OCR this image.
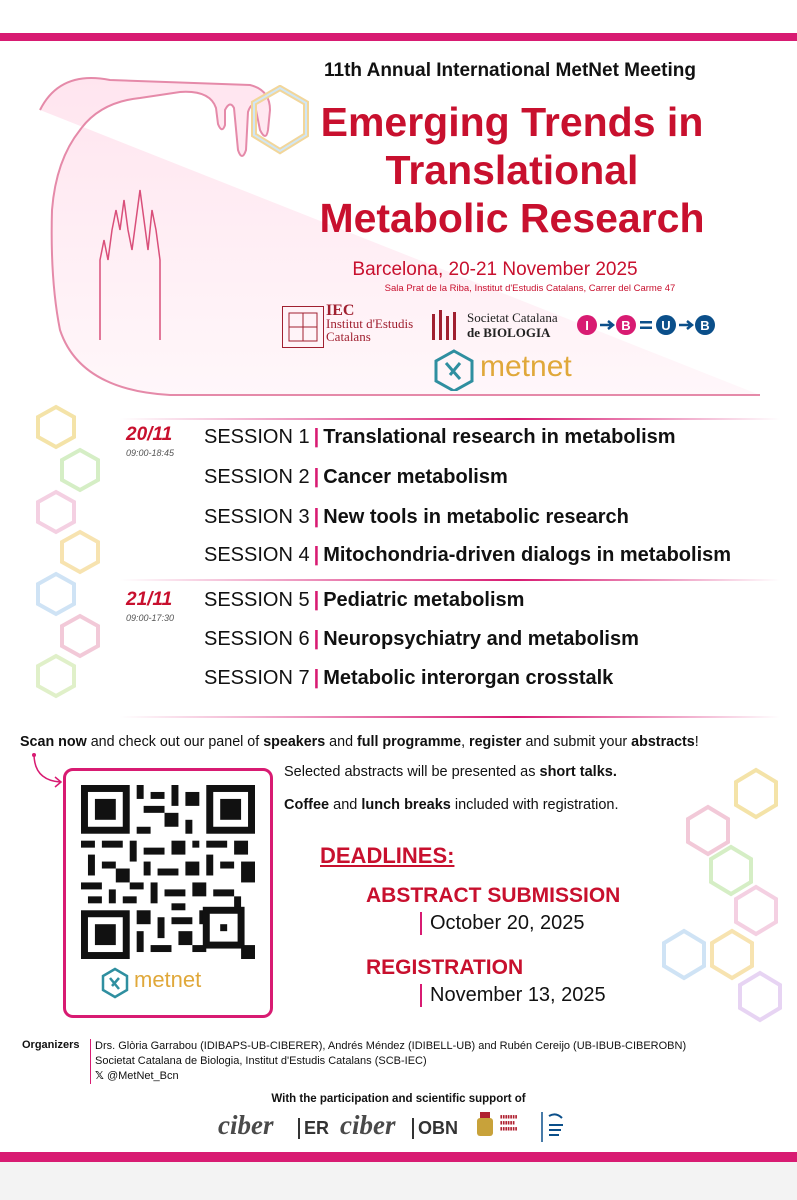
11th Annual International MetNet Meeting
Emerging Trends in
Translational
Metabolic Research
Barcelona, 20-21 November 2025
Sala Prat de la Riba, Institut d'Estudis Catalans, Carrer del Carme 47
IEC
Institut d'Estudis
Catalans
Societat Catalana
de BIOLOGIA	I B U B
metnet
20/11
09:00-18:45
21/11
09:00-17:30
SESSION 1 | Translational research in metabolism
SESSION 2 | Cancer metabolism
SESSION 3 | New tools in metabolic research
SESSION 4 | Mitochondria-driven dialogs in metabolism
SESSION 5 | Pediatric metabolism
SESSION 6 | Neuropsychiatry and metabolism
SESSION 7 | Metabolic interorgan crosstalk
Scan now and check out our panel of speakers and full programme, register and submit your abstracts!
metnet
Selected abstracts will be presented as short talks.
Coffee and lunch breaks included with registration.
DEADLINES:
ABSTRACT SUBMISSION
October 20, 2025
REGISTRATION
November 13, 2025
Organizers Drs. Glòria Garrabou (IDIBAPS-UB-CIBERER), Andrés Méndez (IDIBELL-UB) and Rubén Cereijo (UB-IBUB-CIBEROBN)
Societat Catalana de Biologia, Institut d'Estudis Catalans (SCB-IEC)
𝕏 @MetNet_Bcn
With the participation and scientific support of
ciber	ER ciber	OBN
▮▮▮▮▮▮▮
▮▮▮▮▮▮
▮▮▮▮▮▮▮
